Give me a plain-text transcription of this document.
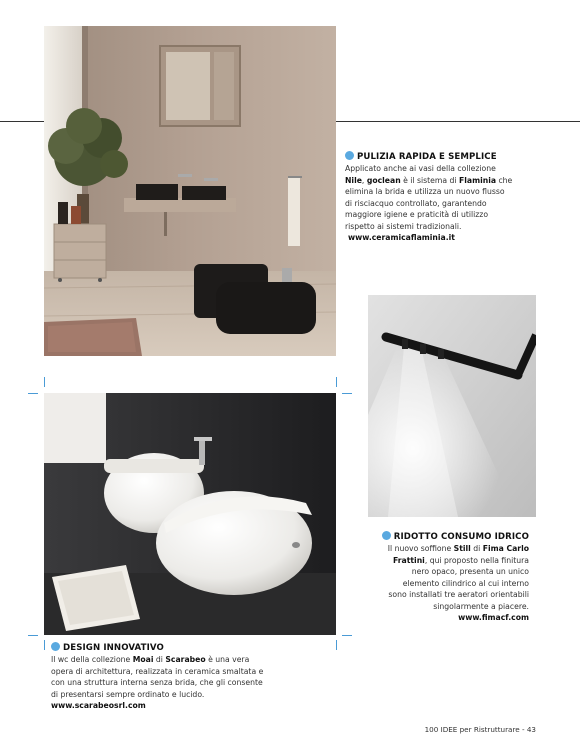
PULIZIA RAPIDA E SEMPLICE
Applicato anche ai vasi della collezione
Nile, goclean è il sistema di Flaminia che
elimina la brida e utilizza un nuovo flusso
di risciacquo controllato, garantendo
maggiore igiene e praticità di utilizzo
rispetto ai sistemi tradizionali.
www.ceramicaflaminia.it
RIDOTTO CONSUMO IDRICO
Il nuovo soffione Still di Fima Carlo
Frattini, qui proposto nella finitura
nero opaco, presenta un unico
elemento cilindrico al cui interno
sono installati tre aeratori orientabili
singolarmente a piacere.
www.fimacf.com
DESIGN INNOVATIVO
Il wc della collezione Moai di Scarabeo è una vera
opera di architettura, realizzata in ceramica smaltata e
con una struttura interna senza brida, che gli consente
di presentarsi sempre ordinato e lucido.
www.scarabeosrl.com
100 IDEE per Ristrutturare - 43
